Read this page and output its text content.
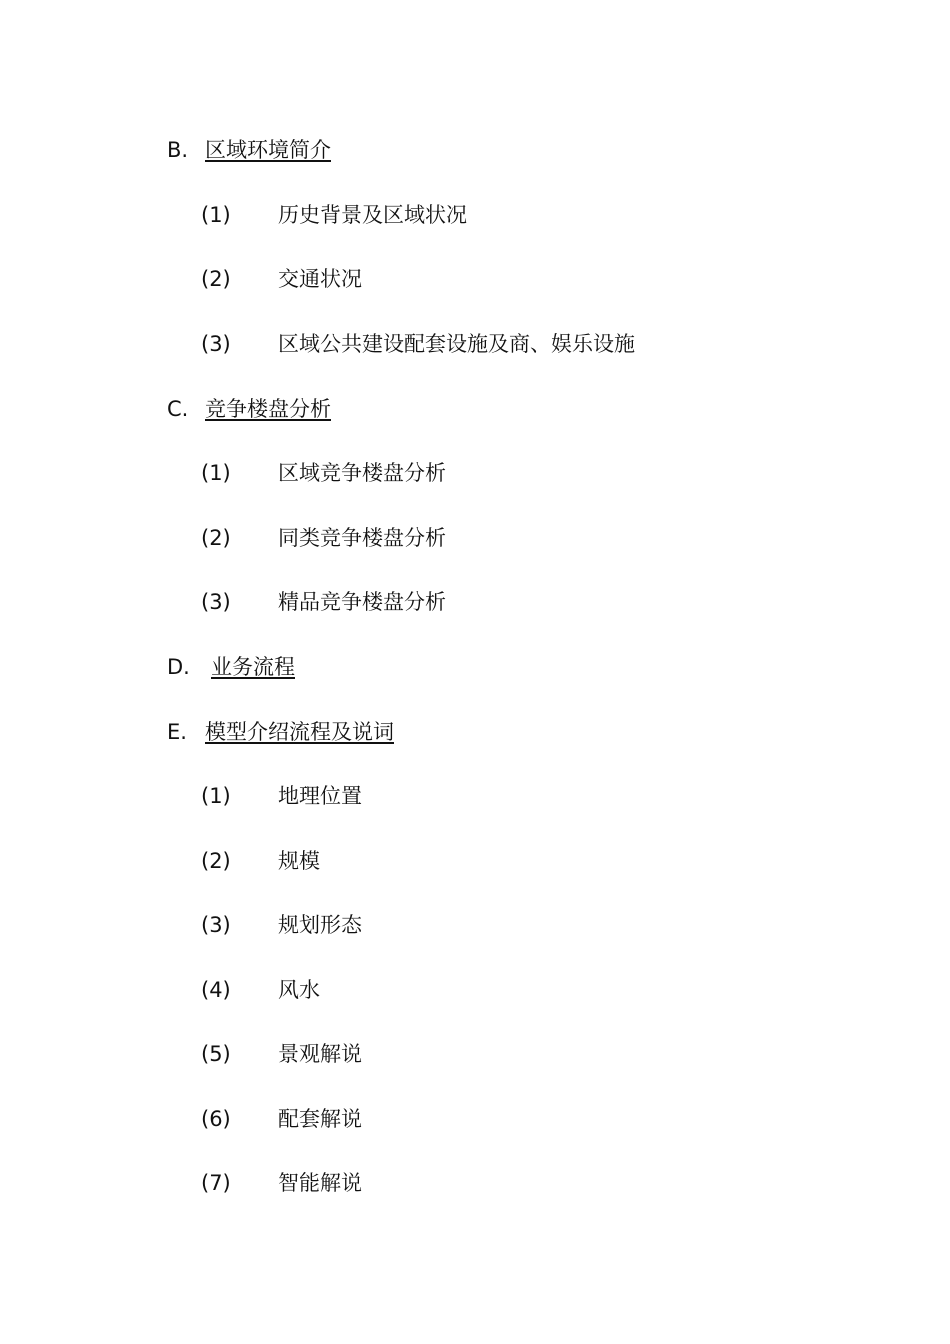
B. 区域环境简介
(1) 历史背景及区域状况
(2) 交通状况
(3) 区域公共建设配套设施及商、娱乐设施
C. 竞争楼盘分析
(1) 区域竞争楼盘分析
(2) 同类竞争楼盘分析
(3) 精品竞争楼盘分析
D. 业务流程
E. 模型介绍流程及说词
(1) 地理位置
(2) 规模
(3) 规划形态
(4) 风水
(5) 景观解说
(6) 配套解说
(7) 智能解说
